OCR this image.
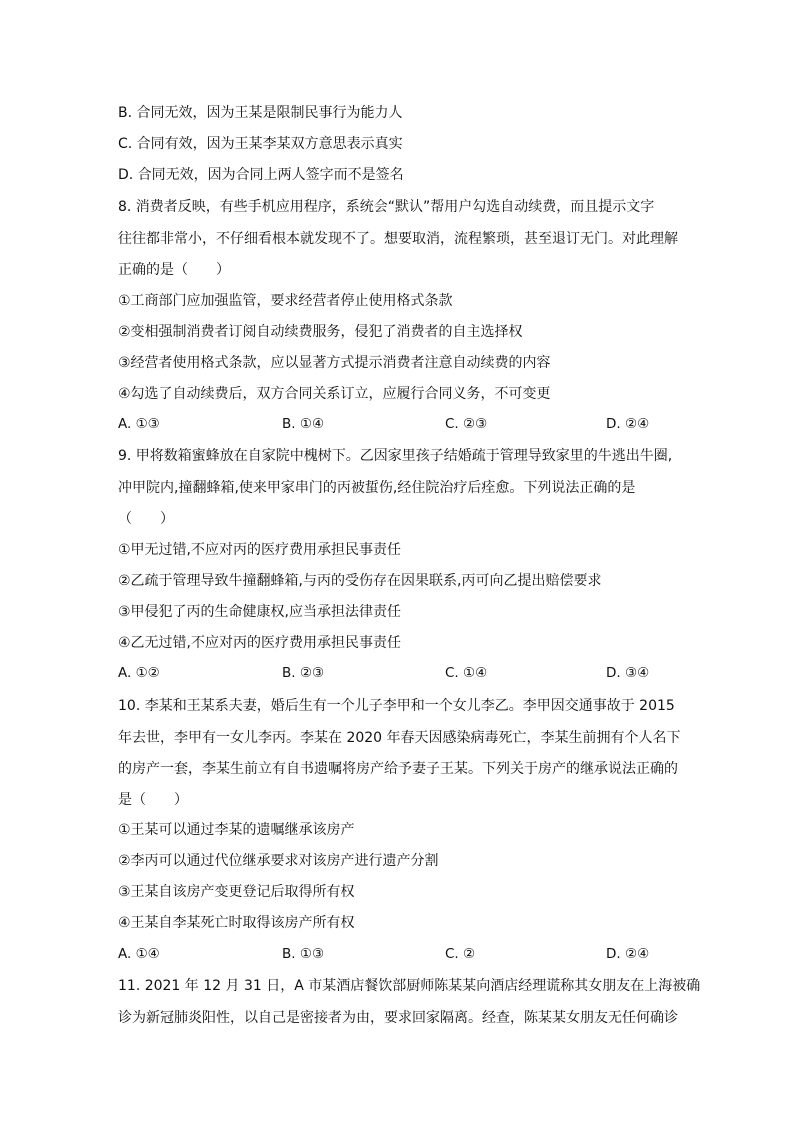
B. 合同无效，因为王某是限制民事行为能力人
C. 合同有效，因为王某李某双方意思表示真实
D. 合同无效，因为合同上两人签字而不是签名
8. 消费者反映，有些手机应用程序，系统会“默认”帮用户勾选自动续费，而且提示文字
往往都非常小，不仔细看根本就发现不了。想要取消，流程繁琐，甚至退订无门。对此理解
正确的是（　　）
①工商部门应加强监管，要求经营者停止使用格式条款
②变相强制消费者订阅自动续费服务，侵犯了消费者的自主选择权
③经营者使用格式条款，应以显著方式提示消费者注意自动续费的内容
④勾选了自动续费后，双方合同关系订立，应履行合同义务，不可变更
A. ①③	B. ①④	C. ②③	D. ②④
9. 甲将数箱蜜蜂放在自家院中槐树下。乙因家里孩子结婚疏于管理导致家里的牛逃出牛圈,
冲甲院内,撞翻蜂箱,使来甲家串门的丙被蜇伤,经住院治疗后痊愈。下列说法正确的是
（　　）
①甲无过错,不应对丙的医疗费用承担民事责任
②乙疏于管理导致牛撞翻蜂箱,与丙的受伤存在因果联系,丙可向乙提出赔偿要求
③甲侵犯了丙的生命健康权,应当承担法律责任
④乙无过错,不应对丙的医疗费用承担民事责任
A. ①②	B. ②③	C. ①④	D. ③④
10. 李某和王某系夫妻，婚后生有一个儿子李甲和一个女儿李乙。李甲因交通事故于 2015
年去世，李甲有一女儿李丙。李某在 2020 年春天因感染病毒死亡，李某生前拥有个人名下
的房产一套，李某生前立有自书遗嘱将房产给予妻子王某。下列关于房产的继承说法正确的
是（　　）
①王某可以通过李某的遗嘱继承该房产
②李丙可以通过代位继承要求对该房产进行遗产分割
③王某自该房产变更登记后取得所有权
④王某自李某死亡时取得该房产所有权
A. ①④	B. ①③	C. ②	D. ②④
11. 2021 年 12 月 31 日，A 市某酒店餐饮部厨师陈某某向酒店经理谎称其女朋友在上海被确
诊为新冠肺炎阳性，以自己是密接者为由，要求回家隔离。经查，陈某某女朋友无任何确诊
